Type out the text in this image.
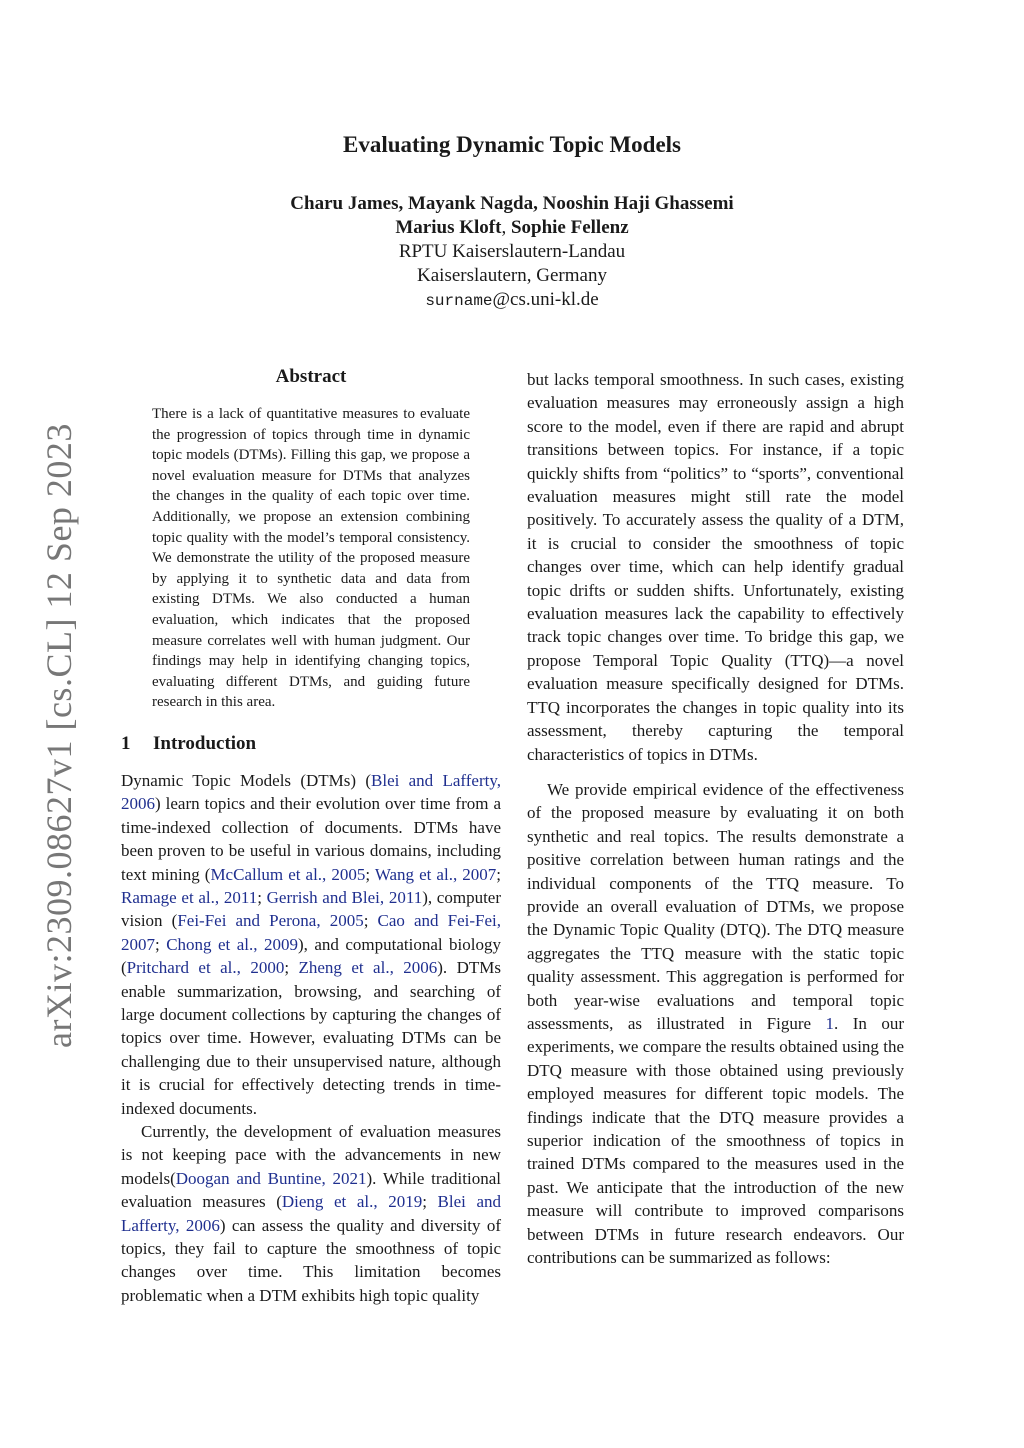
arXiv:2309.08627v1 [cs.CL] 12 Sep 2023
Evaluating Dynamic Topic Models
Charu James, Mayank Nagda, Nooshin Haji Ghassemi
Marius Kloft, Sophie Fellenz
RPTU Kaiserslautern-Landau
Kaiserslautern, Germany
surname@cs.uni-kl.de
Abstract
There is a lack of quantitative measures to evaluate the progression of topics through time in dynamic topic models (DTMs). Filling this gap, we propose a novel evaluation measure for DTMs that analyzes the changes in the quality of each topic over time. Additionally, we propose an extension combining topic quality with the model’s temporal consistency. We demonstrate the utility of the proposed measure by applying it to synthetic data and data from existing DTMs. We also conducted a human evaluation, which indicates that the proposed measure correlates well with human judgment. Our findings may help in identifying changing topics, evaluating different DTMs, and guiding future research in this area.
1 Introduction

Dynamic Topic Models (DTMs) (Blei and Lafferty, 2006) learn topics and their evolution over time from a time-indexed collection of documents. DTMs have been proven to be useful in various domains, including text mining (McCallum et al., 2005; Wang et al., 2007; Ramage et al., 2011; Gerrish and Blei, 2011), computer vision (Fei-Fei and Perona, 2005; Cao and Fei-Fei, 2007; Chong et al., 2009), and computational biology (Pritchard et al., 2000; Zheng et al., 2006). DTMs enable summarization, browsing, and searching of large document collections by capturing the changes of topics over time. However, evaluating DTMs can be challenging due to their unsupervised nature, although it is crucial for effectively detecting trends in time-indexed documents.

Currently, the development of evaluation measures is not keeping pace with the advancements in new models(Doogan and Buntine, 2021). While traditional evaluation measures (Dieng et al., 2019; Blei and Lafferty, 2006) can assess the quality and diversity of topics, they fail to capture the smoothness of topic changes over time. This limitation becomes problematic when a DTM exhibits high topic quality

but lacks temporal smoothness. In such cases, existing evaluation measures may erroneously assign a high score to the model, even if there are rapid and abrupt transitions between topics. For instance, if a topic quickly shifts from “politics” to “sports”, conventional evaluation measures might still rate the model positively. To accurately assess the quality of a DTM, it is crucial to consider the smoothness of topic changes over time, which can help identify gradual topic drifts or sudden shifts. Unfortunately, existing evaluation measures lack the capability to effectively track topic changes over time. To bridge this gap, we propose Temporal Topic Quality (TTQ)—a novel evaluation measure specifically designed for DTMs. TTQ incorporates the changes in topic quality into its assessment, thereby capturing the temporal characteristics of topics in DTMs.

We provide empirical evidence of the effectiveness of the proposed measure by evaluating it on both synthetic and real topics. The results demonstrate a positive correlation between human ratings and the individual components of the TTQ measure. To provide an overall evaluation of DTMs, we propose the Dynamic Topic Quality (DTQ). The DTQ measure aggregates the TTQ measure with the static topic quality assessment. This aggregation is performed for both year-wise evaluations and temporal topic assessments, as illustrated in Figure 1. In our experiments, we compare the results obtained using the DTQ measure with those obtained using previously employed measures for different topic models. The findings indicate that the DTQ measure provides a superior indication of the smoothness of topics in trained DTMs compared to the measures used in the past. We anticipate that the introduction of the new measure will contribute to improved comparisons between DTMs in future research endeavors. Our contributions can be summarized as follows:
